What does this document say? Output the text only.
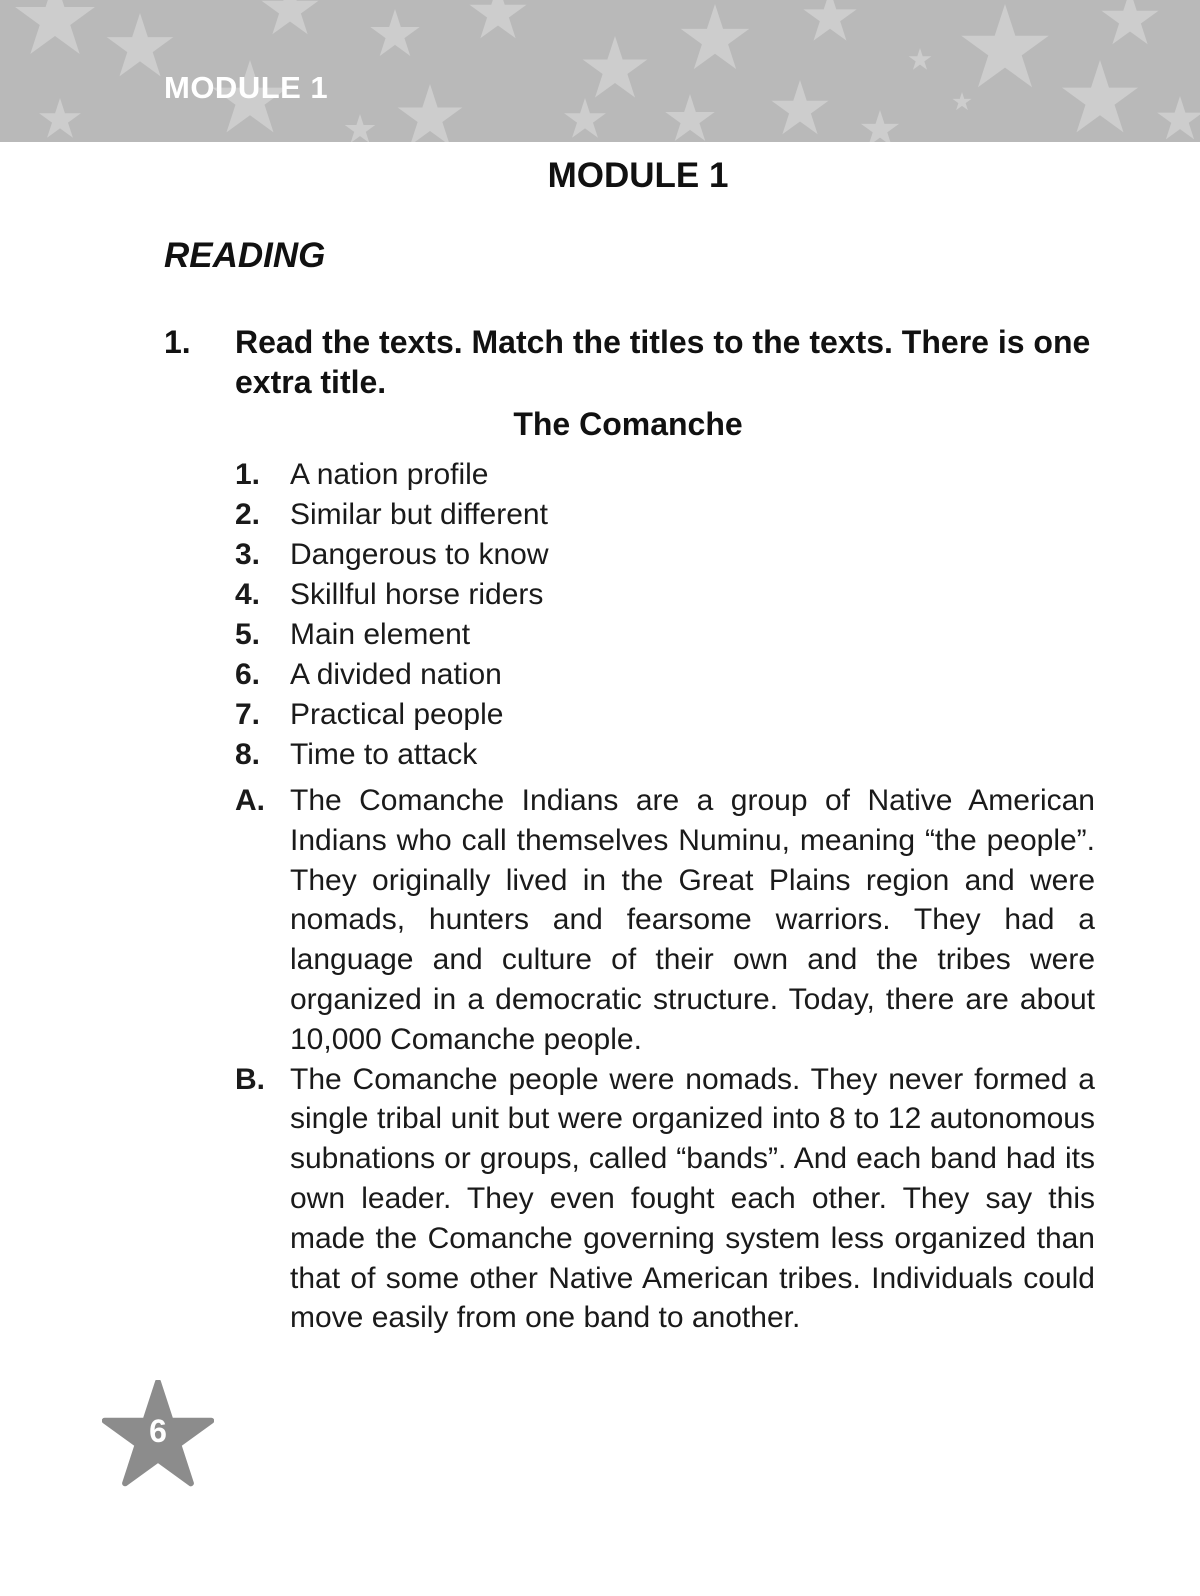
MODULE 1
MODULE 1
READING
1. Read the texts. Match the titles to the texts. There is one extra title.
The Comanche
1. A nation profile
2. Similar but different
3. Dangerous to know
4. Skillful horse riders
5. Main element
6. A divided nation
7. Practical people
8. Time to attack
A. The Comanche Indians are a group of Native American Indians who call themselves Numinu, meaning “the people”. They originally lived in the Great Plains region and were nomads, hunters and fearsome warriors. They had a language and culture of their own and the tribes were organized in a democratic structure. Today, there are about 10,000 Comanche people.
B. The Comanche people were nomads. They never formed a single tribal unit but were organized into 8 to 12 autonomous subnations or groups, called “bands”. And each band had its own leader. They even fought each other. They say this made the Comanche governing system less organized than that of some other Native American tribes. Individuals could move easily from one band to another.
6
